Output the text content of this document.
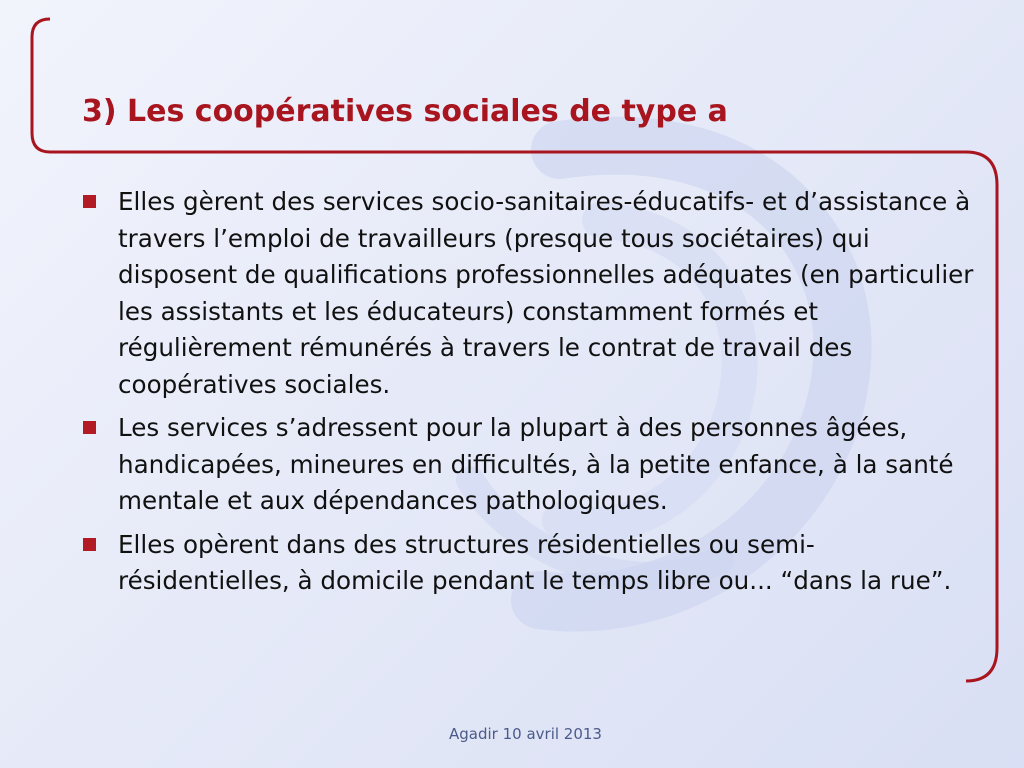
3) Les coopératives sociales de type a
Elles gèrent des services socio-sanitaires-éducatifs- et d’assistance à travers l’emploi de travailleurs (presque tous sociétaires) qui disposent de qualifications professionnelles adéquates (en particulier les assistants et les éducateurs) constamment formés et régulièrement rémunérés à travers le contrat de travail des coopératives sociales.
Les services s’adressent pour la plupart à des personnes âgées, handicapées, mineures en difficultés, à la petite enfance, à la santé mentale et aux dépendances pathologiques.
Elles opèrent dans des structures résidentielles ou semi-résidentielles, à domicile pendant le temps libre ou... “dans la rue”.
Agadir 10 avril 2013
